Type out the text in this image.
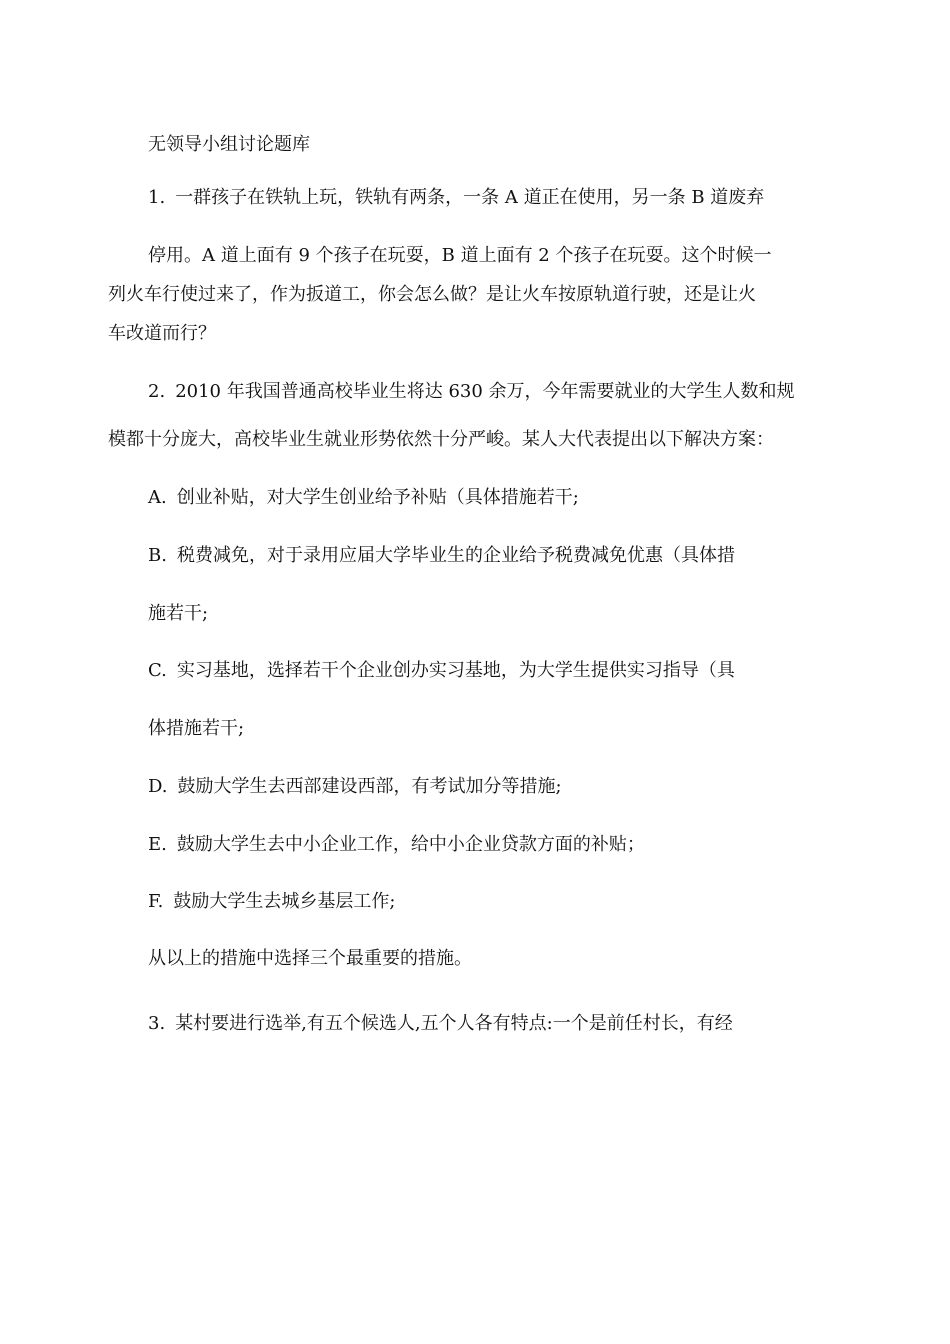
无领导小组讨论题库
1. 一群孩子在铁轨上玩，铁轨有两条，一条 A 道正在使用，另一条 B 道废弃
停用。A 道上面有 9 个孩子在玩耍，B 道上面有 2 个孩子在玩耍。这个时候一
列火车行使过来了，作为扳道工，你会怎么做？是让火车按原轨道行驶，还是让火
车改道而行？
2. 2010 年我国普通高校毕业生将达 630 余万，今年需要就业的大学生人数和规
模都十分庞大，高校毕业生就业形势依然十分严峻。某人大代表提出以下解决方案：
A. 创业补贴，对大学生创业给予补贴（具体措施若干;
B. 税费减免，对于录用应届大学毕业生的企业给予税费减免优惠（具体措
施若干;
C. 实习基地，选择若干个企业创办实习基地，为大学生提供实习指导（具
体措施若干;
D. 鼓励大学生去西部建设西部，有考试加分等措施;
E. 鼓励大学生去中小企业工作，给中小企业贷款方面的补贴；
F. 鼓励大学生去城乡基层工作;
从以上的措施中选择三个最重要的措施。
3. 某村要进行选举,有五个候选人,五个人各有特点:一个是前任村长，有经
